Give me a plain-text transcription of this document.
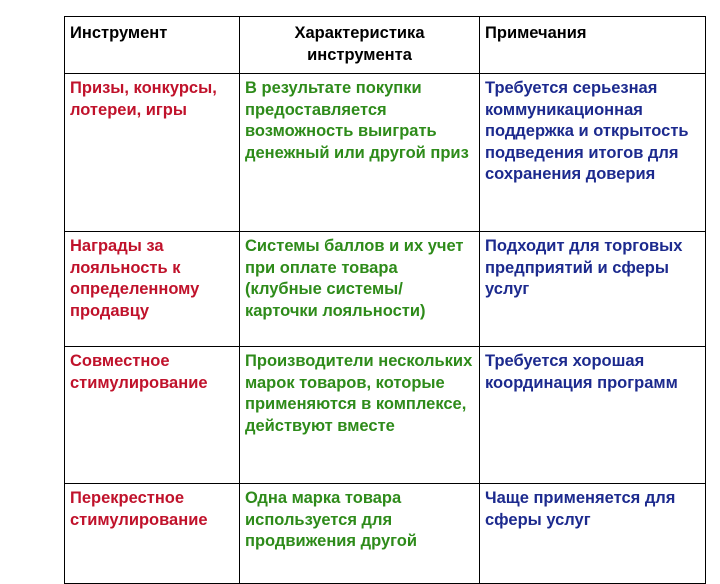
Инструмент	Характеристика инструмента	Примечания

Призы, конкурсы, лотереи, игры	В результате покупки предоставляется возможность выиграть денежный или другой приз	Требуется серьезная коммуникационная поддержка и открытость подведения итогов для сохранения доверия

Награды за лояльность к определенному продавцу	Системы баллов и их учет при оплате товара (клубные системы/карточки лояльности)	Подходит для торговых предприятий и сферы услуг

Совместное стимулирование	Производители нескольких марок товаров, которые применяются в комплексе, действуют вместе	Требуется хорошая координация программ

Перекрестное стимулирование	Одна марка товара используется для продвижения другой	Чаще применяется для сферы услуг
